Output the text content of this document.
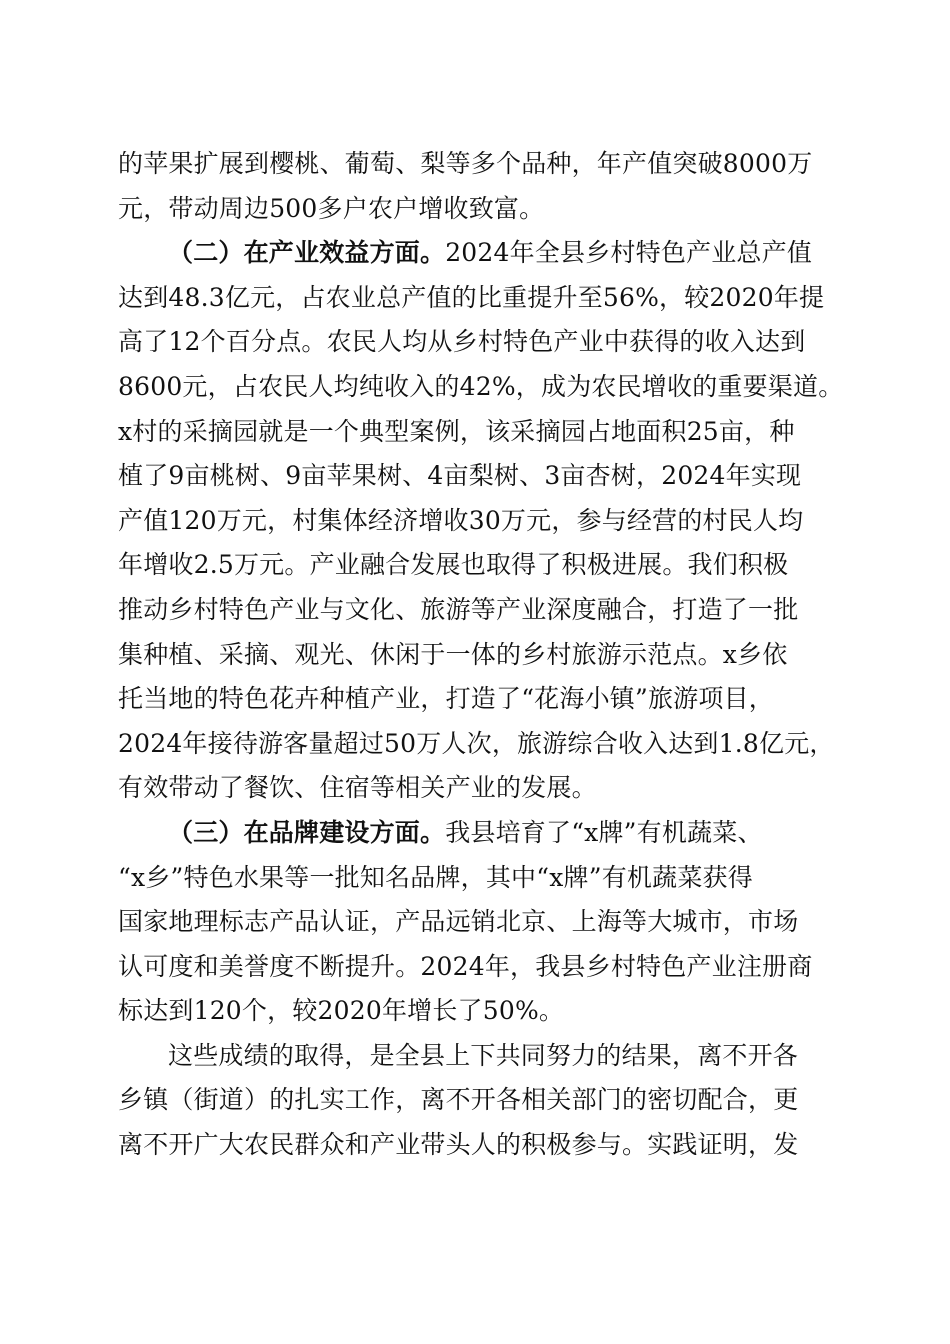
的苹果扩展到樱桃、葡萄、梨等多个品种，年产值突破8000万
元，带动周边500多户农户增收致富。
（二）在产业效益方面。2024年全县乡村特色产业总产值
达到48.3亿元，占农业总产值的比重提升至56%，较2020年提
高了12个百分点。农民人均从乡村特色产业中获得的收入达到
8600元，占农民人均纯收入的42%，成为农民增收的重要渠道。
x村的采摘园就是一个典型案例，该采摘园占地面积25亩，种
植了9亩桃树、9亩苹果树、4亩梨树、3亩杏树，2024年实现
产值120万元，村集体经济增收30万元，参与经营的村民人均
年增收2.5万元。产业融合发展也取得了积极进展。我们积极
推动乡村特色产业与文化、旅游等产业深度融合，打造了一批
集种植、采摘、观光、休闲于一体的乡村旅游示范点。x乡依
托当地的特色花卉种植产业，打造了“花海小镇”旅游项目，
2024年接待游客量超过50万人次，旅游综合收入达到1.8亿元，
有效带动了餐饮、住宿等相关产业的发展。
（三）在品牌建设方面。我县培育了“x牌”有机蔬菜、
“x乡”特色水果等一批知名品牌，其中“x牌”有机蔬菜获得
国家地理标志产品认证，产品远销北京、上海等大城市，市场
认可度和美誉度不断提升。2024年，我县乡村特色产业注册商
标达到120个，较2020年增长了50%。
这些成绩的取得，是全县上下共同努力的结果，离不开各
乡镇（街道）的扎实工作，离不开各相关部门的密切配合，更
离不开广大农民群众和产业带头人的积极参与。实践证明，发
